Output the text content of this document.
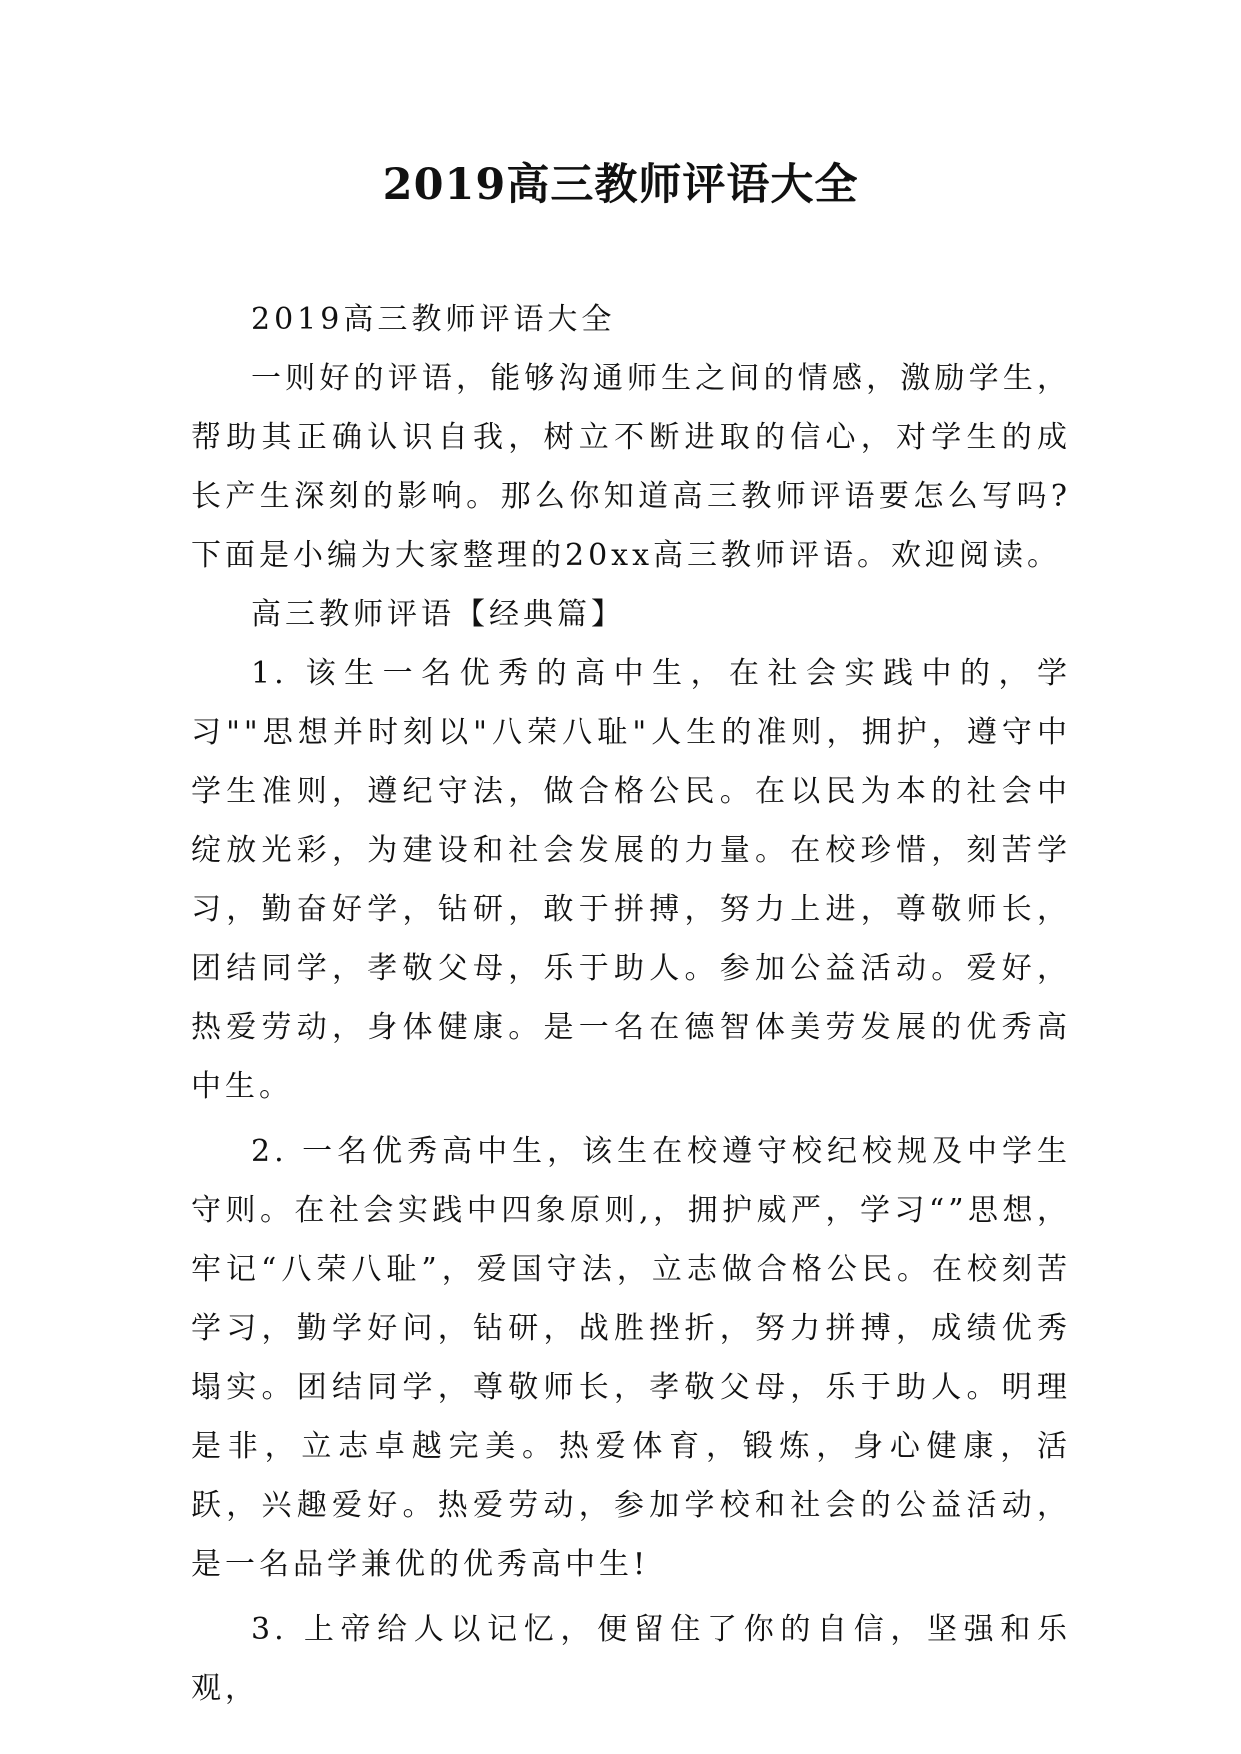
2019高三教师评语大全

2019高三教师评语大全

一则好的评语，能够沟通师生之间的情感，激励学生，帮助其正确认识自我，树立不断进取的信心，对学生的成长产生深刻的影响。那么你知道高三教师评语要怎么写吗?下面是小编为大家整理的20xx高三教师评语。欢迎阅读。

高三教师评语【经典篇】

1. 该生一名优秀的高中生，在社会实践中的，学习""思想并时刻以"八荣八耻"人生的准则，拥护，遵守中学生准则，遵纪守法，做合格公民。在以民为本的社会中绽放光彩，为建设和社会发展的力量。在校珍惜，刻苦学习，勤奋好学，钻研，敢于拼搏，努力上进，尊敬师长，团结同学，孝敬父母，乐于助人。参加公益活动。爱好，热爱劳动，身体健康。是一名在德智体美劳发展的优秀高中生。

2. 一名优秀高中生，该生在校遵守校纪校规及中学生守则。在社会实践中四象原则,，拥护威严，学习“”思想，牢记“八荣八耻”，爱国守法，立志做合格公民。在校刻苦学习，勤学好问，钻研，战胜挫折，努力拼搏，成绩优秀塌实。团结同学，尊敬师长，孝敬父母，乐于助人。明理是非，立志卓越完美。热爱体育，锻炼，身心健康，活跃，兴趣爱好。热爱劳动，参加学校和社会的公益活动，是一名品学兼优的优秀高中生!

3. 上帝给人以记忆，便留住了你的自信，坚强和乐观，
